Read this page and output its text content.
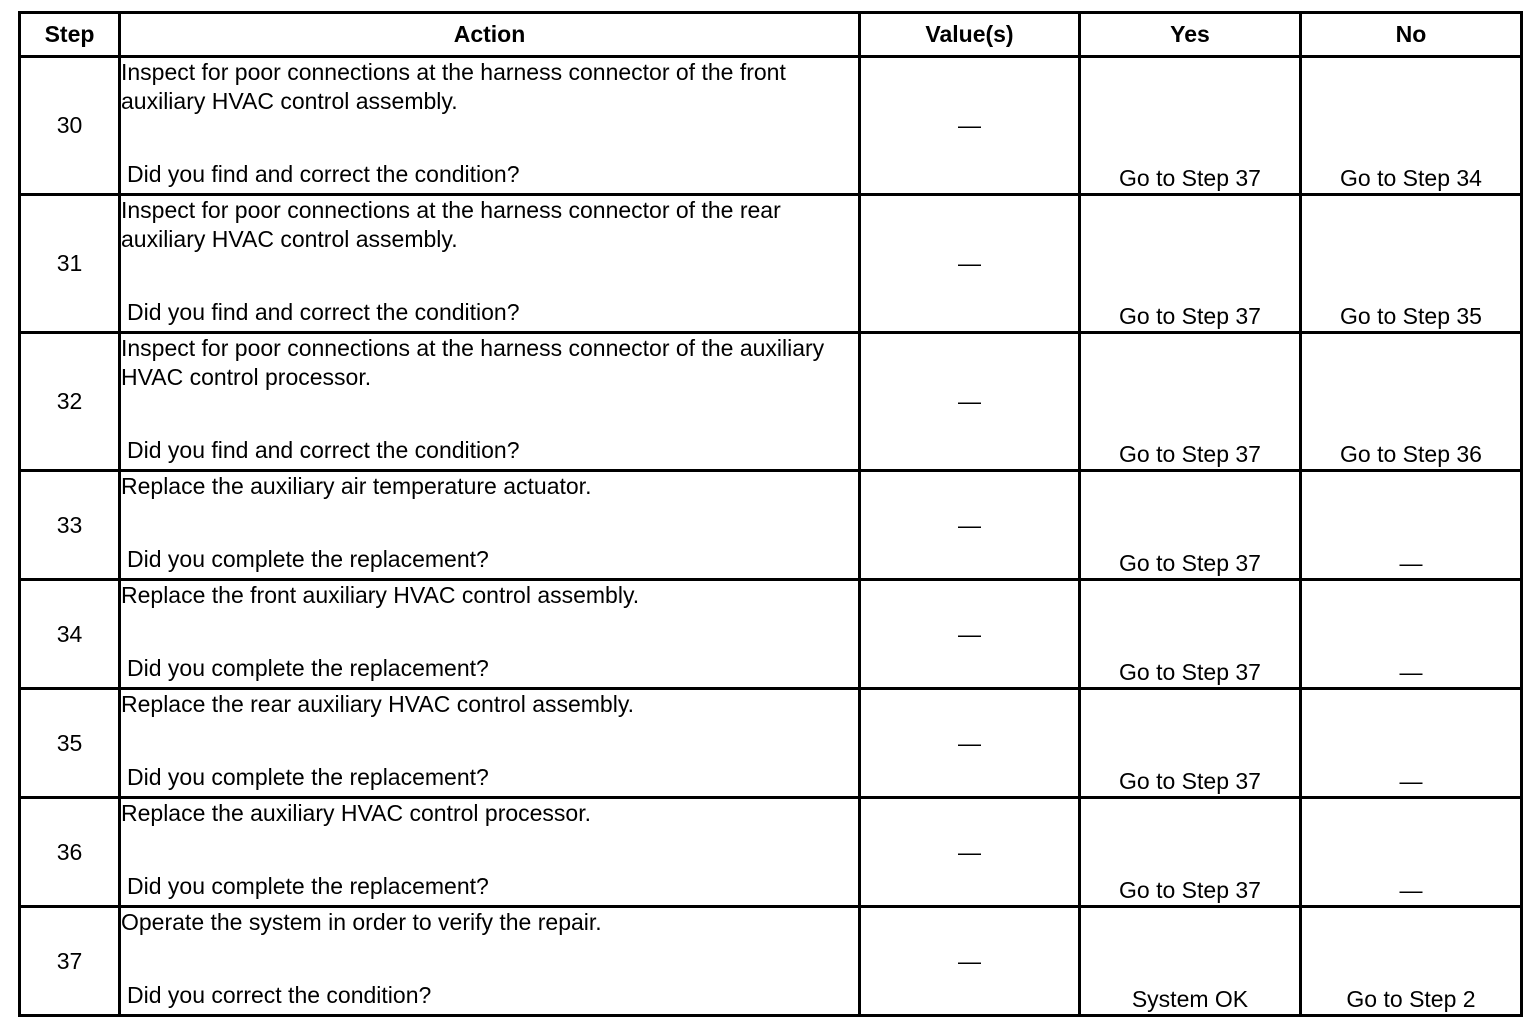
Step	Action	Value(s)	Yes	No
30	Inspect for poor connections at the harness connector of the front auxiliary HVAC control assembly.
Did you find and correct the condition?	—	Go to Step 37	Go to Step 34
31	Inspect for poor connections at the harness connector of the rear auxiliary HVAC control assembly.
Did you find and correct the condition?	—	Go to Step 37	Go to Step 35
32	Inspect for poor connections at the harness connector of the auxiliary HVAC control processor.
Did you find and correct the condition?	—	Go to Step 37	Go to Step 36
33	Replace the auxiliary air temperature actuator.
Did you complete the replacement?	—	Go to Step 37	—
34	Replace the front auxiliary HVAC control assembly.
Did you complete the replacement?	—	Go to Step 37	—
35	Replace the rear auxiliary HVAC control assembly.
Did you complete the replacement?	—	Go to Step 37	—
36	Replace the auxiliary HVAC control processor.
Did you complete the replacement?	—	Go to Step 37	—
37	Operate the system in order to verify the repair.
Did you correct the condition?	—	System OK	Go to Step 2
